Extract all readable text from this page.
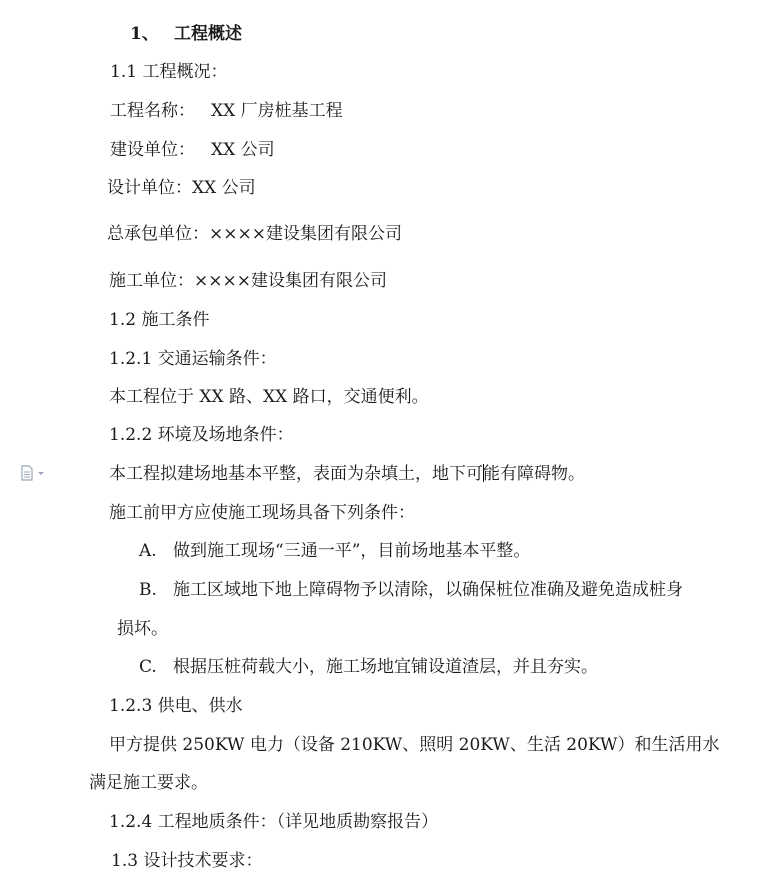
1、 工程概述
1.1 工程概况：
工程名称： XX 厂房桩基工程
建设单位： XX 公司
设计单位：XX 公司
总承包单位：××××建设集团有限公司
施工单位：××××建设集团有限公司
1.2 施工条件
1.2.1 交通运输条件：
本工程位于 XX 路、XX 路口，交通便利。
1.2.2 环境及场地条件：
本工程拟建场地基本平整，表面为杂填土，地下可能有障碍物。
施工前甲方应使施工现场具备下列条件：
A. 做到施工现场“三通一平”，目前场地基本平整。
B. 施工区域地下地上障碍物予以清除，以确保桩位准确及避免造成桩身
损坏。
C. 根据压桩荷载大小，施工场地宜铺设道渣层，并且夯实。
1.2.3 供电、供水
甲方提供 250KW 电力（设备 210KW、照明 20KW、生活 20KW）和生活用水
满足施工要求。
1.2.4 工程地质条件：（详见地质勘察报告）
1.3 设计技术要求：
